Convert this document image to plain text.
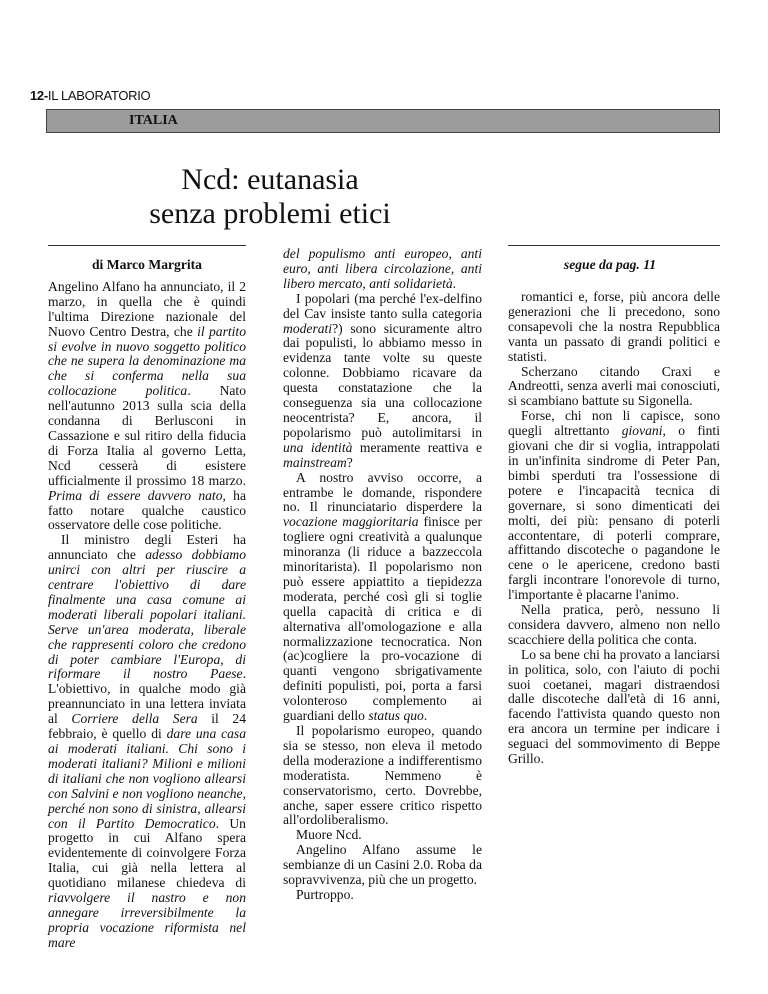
12-IL LABORATORIO
ITALIA
Ncd: eutanasia
senza problemi etici
di Marco Margrita

Angelino Alfano ha annunciato, il 2 marzo, in quella che è quindi l'ultima Direzione nazionale del Nuovo Centro Destra, che il partito si evolve in nuovo soggetto politico che ne supera la denominazione ma che si conferma nella sua collocazione politica. Nato nell'autunno 2013 sulla scia della condanna di Berlusconi in Cassazione e sul ritiro della fiducia di Forza Italia al governo Letta, Ncd cesserà di esistere ufficialmente il prossimo 18 marzo. Prima di essere davvero nato, ha fatto notare qualche caustico osservatore delle cose politiche.

Il ministro degli Esteri ha annunciato che adesso dobbiamo unirci con altri per riuscire a centrare l'obiettivo di dare finalmente una casa comune ai moderati liberali popolari italiani. Serve un'area moderata, liberale che rappresenti coloro che credono di poter cambiare l'Europa, di riformare il nostro Paese. L'obiettivo, in qualche modo già preannunciato in una lettera inviata al Corriere della Sera il 24 febbraio, è quello di dare una casa ai moderati italiani. Chi sono i moderati italiani? Milioni e milioni di italiani che non vogliono allearsi con Salvini e non vogliono neanche, perché non sono di sinistra, allearsi con il Partito Democratico. Un progetto in cui Alfano spera evidentemente di coinvolgere Forza Italia, cui già nella lettera al quotidiano milanese chiedeva di riavvolgere il nastro e non annegare irreversibilmente la propria vocazione riformista nel mare

del populismo anti europeo, anti euro, anti libera circolazione, anti libero mercato, anti solidarietà.

I popolari (ma perché l'ex-delfino del Cav insiste tanto sulla categoria moderati?) sono sicuramente altro dai populisti, lo abbiamo messo in evidenza tante volte su queste colonne. Dobbiamo ricavare da questa constatazione che la conseguenza sia una collocazione neocentrista? E, ancora, il popolarismo può autolimitarsi in una identità meramente reattiva e mainstream?

A nostro avviso occorre, a entrambe le domande, rispondere no. Il rinunciatario disperdere la vocazione maggioritaria finisce per togliere ogni creatività a qualunque minoranza (li riduce a bazzeccola minoritarista). Il popolarismo non può essere appiattito a tiepidezza moderata, perché così gli si toglie quella capacità di critica e di alternativa all'omologazione e alla normalizzazione tecnocratica. Non (ac)cogliere la pro-vocazione di quanti vengono sbrigativamente definiti populisti, poi, porta a farsi volonteroso complemento ai guardiani dello status quo.

Il popolarismo europeo, quando sia se stesso, non eleva il metodo della moderazione a indifferentismo moderatista. Nemmeno è conservatorismo, certo. Dovrebbe, anche, saper essere critico rispetto all'ordoliberalismo.

Muore Ncd.

Angelino Alfano assume le sembianze di un Casini 2.0. Roba da sopravvivenza, più che un progetto.

Purtroppo.

segue da pag. 11

romantici e, forse, più ancora delle generazioni che li precedono, sono consapevoli che la nostra Repubblica vanta un passato di grandi politici e statisti.

Scherzano citando Craxi e Andreotti, senza averli mai conosciuti, si scambiano battute su Sigonella.

Forse, chi non li capisce, sono quegli altrettanto giovani, o finti giovani che dir si voglia, intrappolati in un'infinita sindrome di Peter Pan, bimbi sperduti tra l'ossessione di potere e l'incapacità tecnica di governare, si sono dimenticati dei molti, dei più: pensano di poterli accontentare, di poterli comprare, affittando discoteche o pagandone le cene o le apericene, credono basti fargli incontrare l'onorevole di turno, l'importante è placarne l'animo.

Nella pratica, però, nessuno li considera davvero, almeno non nello scacchiere della politica che conta.

Lo sa bene chi ha provato a lanciarsi in politica, solo, con l'aiuto di pochi suoi coetanei, magari distraendosi dalle discoteche dall'età di 16 anni, facendo l'attivista quando questo non era ancora un termine per indicare i seguaci del sommovimento di Beppe Grillo.
